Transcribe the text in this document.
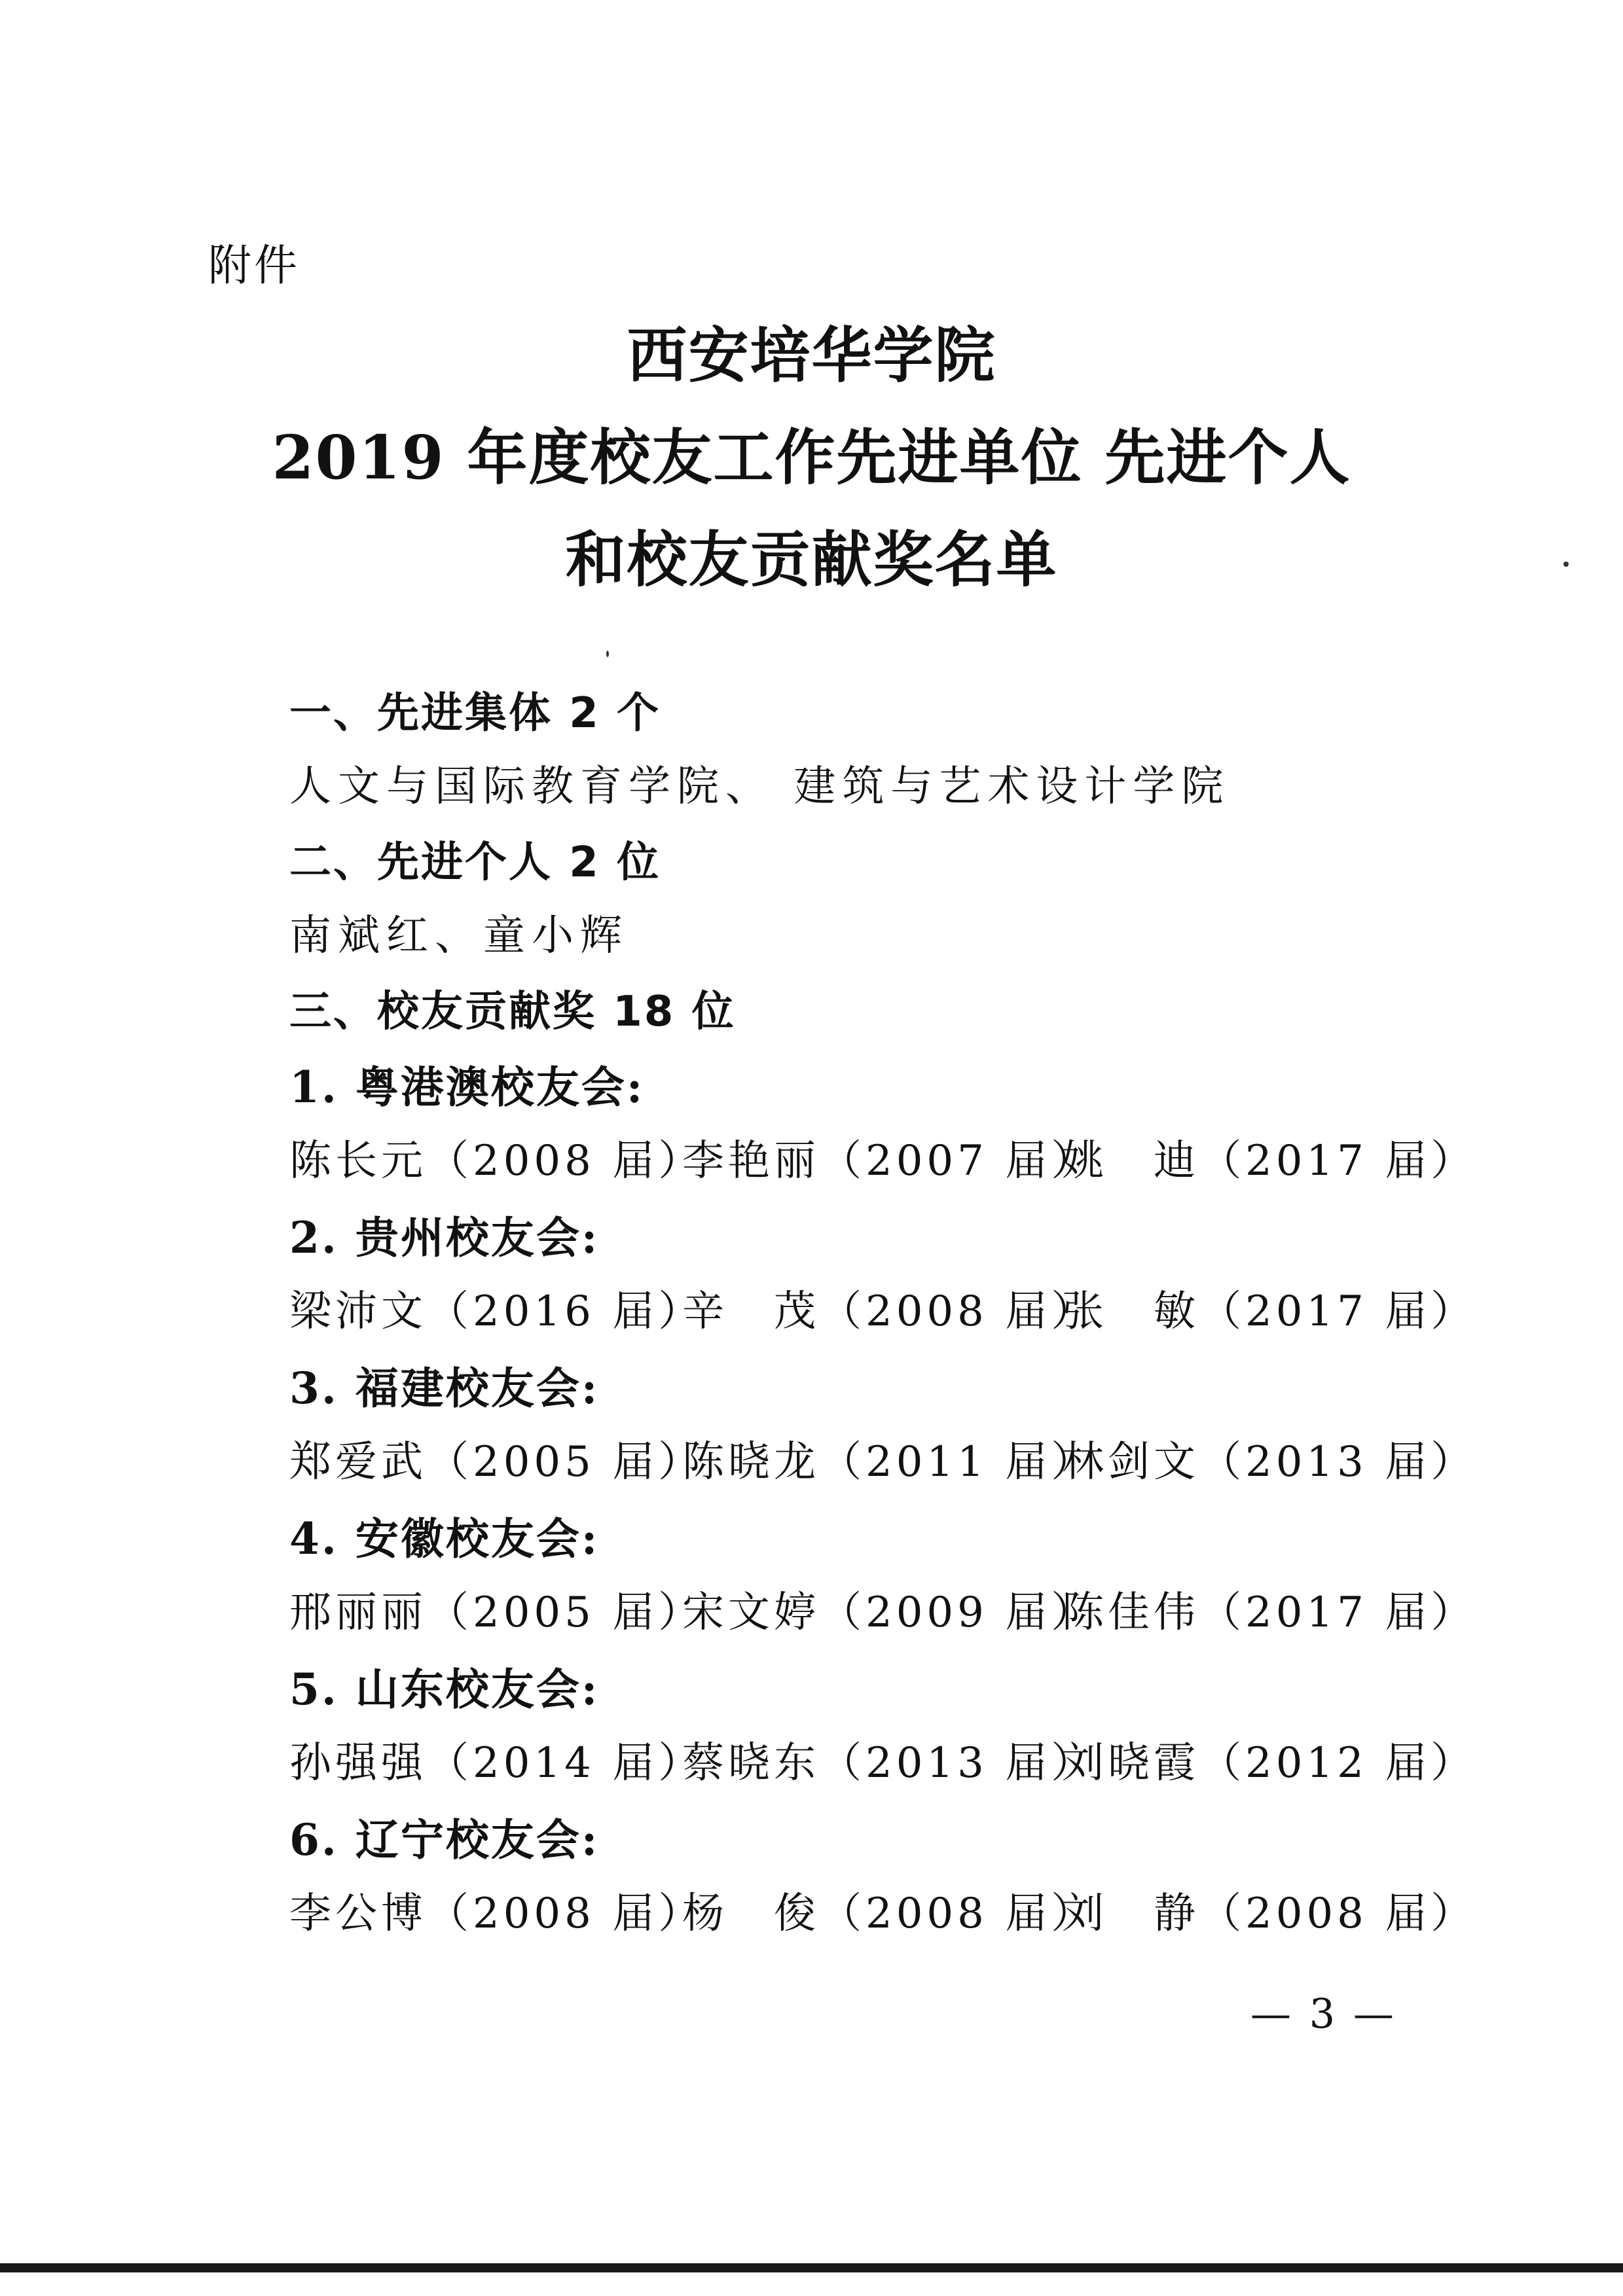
附件
西安培华学院
2019 年度校友工作先进单位 先进个人
和校友贡献奖名单
一、先进集体 2 个
人文与国际教育学院、 建筑与艺术设计学院
二、先进个人 2 位
南斌红、童小辉
三、校友贡献奖 18 位
1. 粤港澳校友会:
陈长元（2008 届）
李艳丽（2007 届）
姚　迪（2017 届）
2. 贵州校友会:
梁沛文（2016 届）
辛　茂（2008 届）
张　敏（2017 届）
3. 福建校友会:
郑爱武（2005 届）
陈晓龙（2011 届）
林剑文（2013 届）
4. 安徽校友会:
邢丽丽（2005 届）
宋文婷（2009 届）
陈佳伟（2017 届）
5. 山东校友会:
孙强强（2014 届）
蔡晓东（2013 届）
刘晓霞（2012 届）
6. 辽宁校友会:
李公博（2008 届）
杨　俊（2008 届）
刘　静（2008 届）
— 3 —
